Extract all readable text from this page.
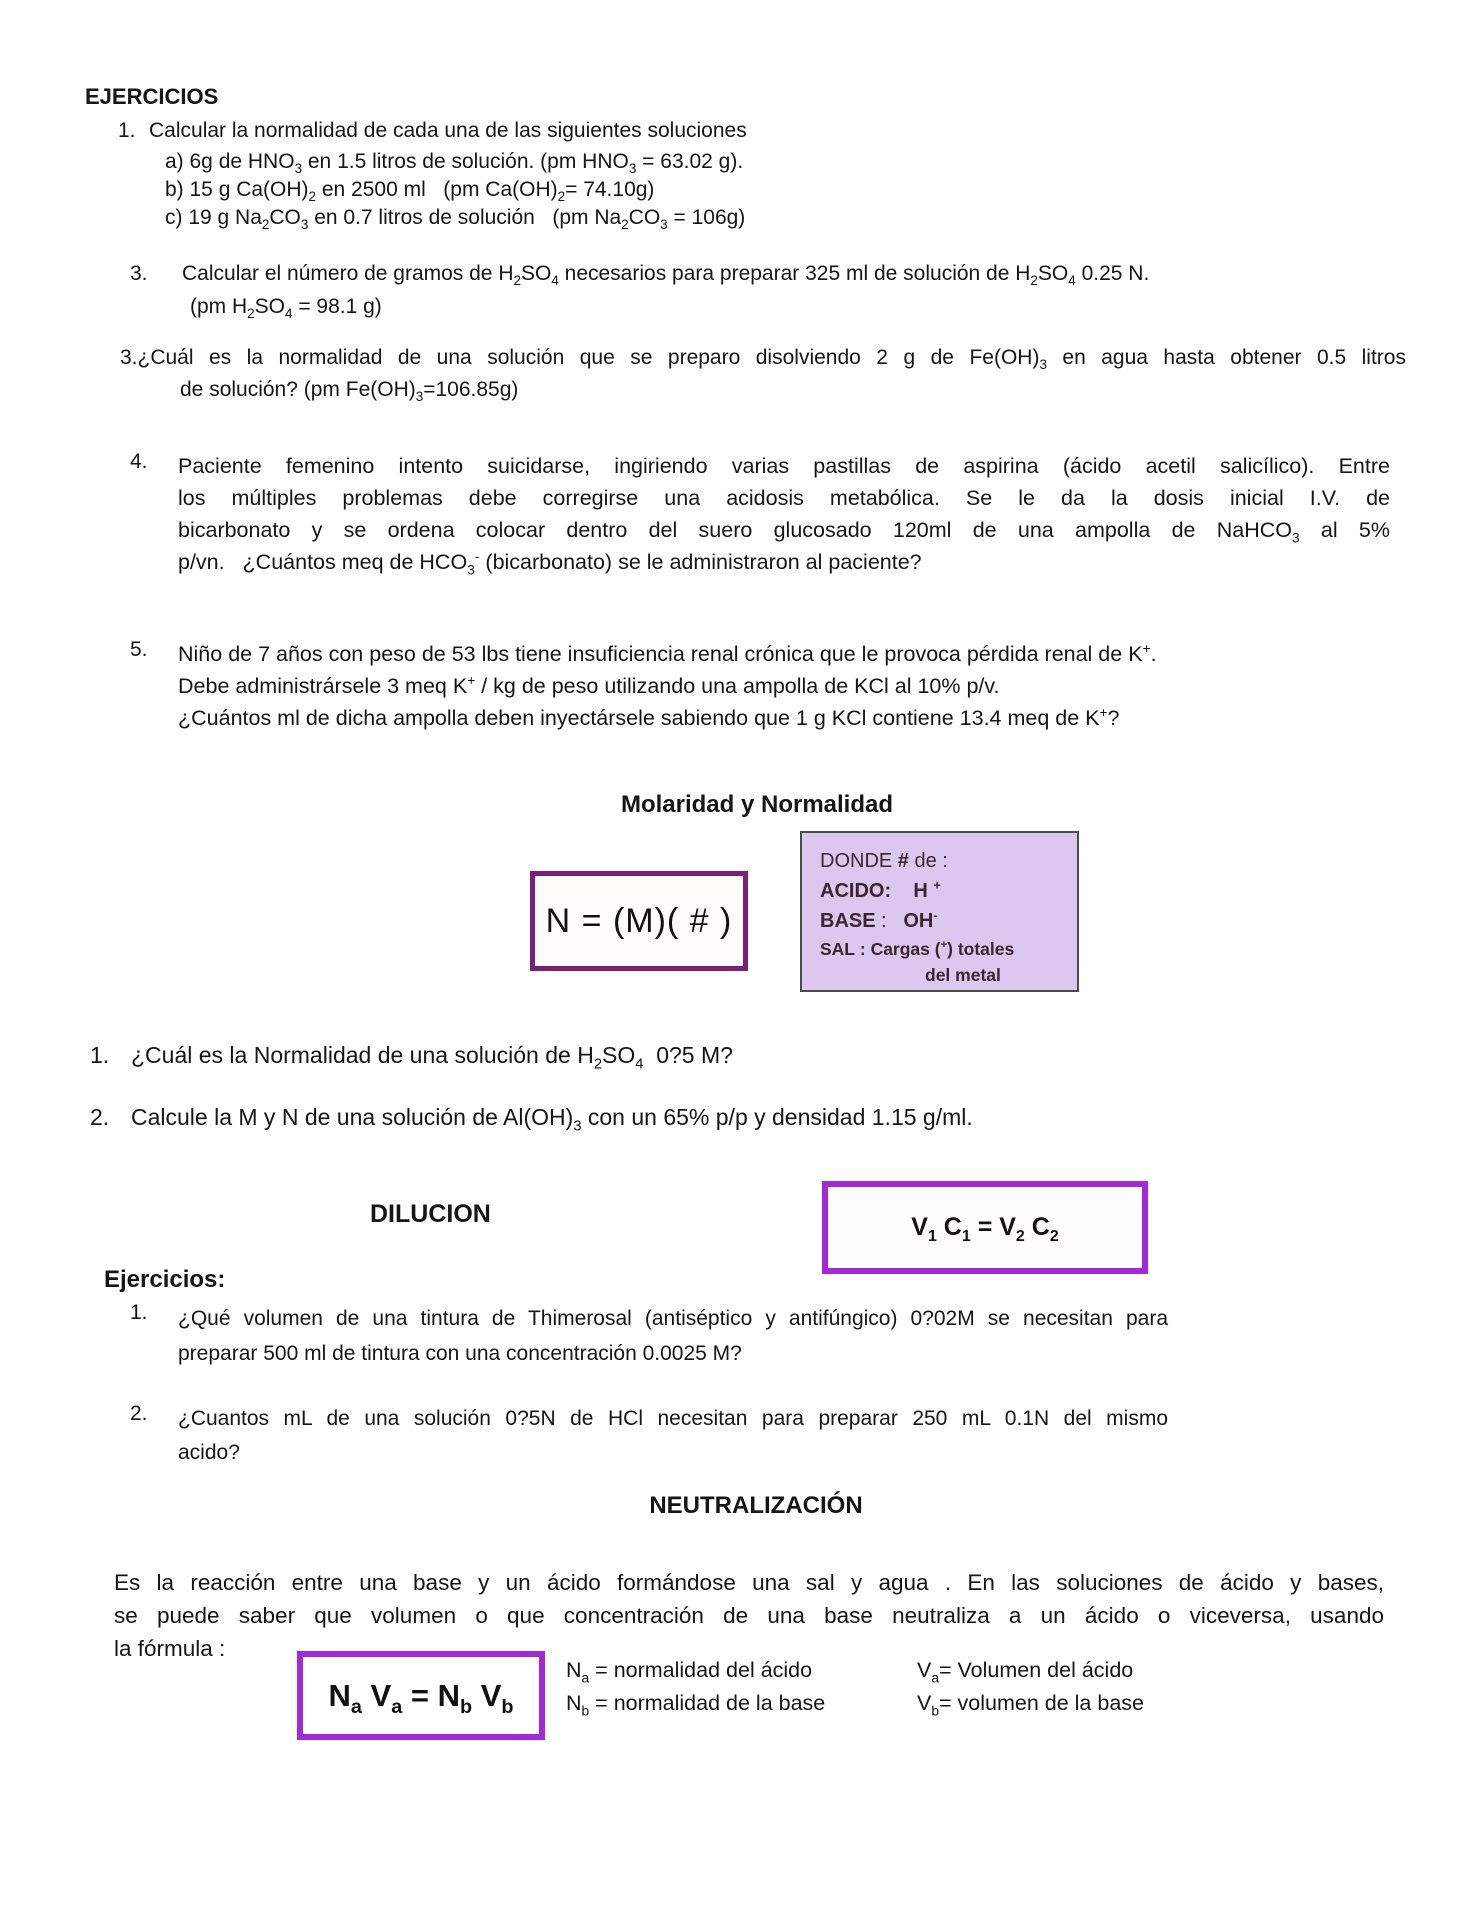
EJERCICIOS
1. Calcular la normalidad de cada una de las siguientes soluciones
a) 6g de $HNO_3$ en 1.5 litros de solución. (pm $HNO_3 = 63.02$ g).
b) 15 g $Ca(OH)_2$ en 2500 ml   (pm $Ca(OH)_2= 74.10g$)
c) 19 g $Na_2CO_3$ en 0.7 litros de solución   (pm $Na_2CO_3 = 106g$)
3. Calcular el número de gramos de $H_2SO_4$ necesarios para preparar 325 ml de solución de $H_2SO_4$ 0.25 N.
(pm $H_2SO_4 = 98.1$ g)
3.¿Cuál es la normalidad de una solución que se preparo disolviendo 2 g de $Fe(OH)_3$ en agua hasta obtener 0.5 litros
de solución? (pm $Fe(OH)_3=106.85g$)
4. Paciente femenino intento suicidarse, ingiriendo varias pastillas de aspirina (ácido acetil salicílico). Entre
los múltiples problemas debe corregirse una acidosis metabólica. Se le da la dosis inicial I.V. de
bicarbonato y se ordena colocar dentro del suero glucosado 120ml de una ampolla de NaHCO$_3$ al 5%
p/vn.   ¿Cuántos meq de $HCO_3^-$ (bicarbonato) se le administraron al paciente?
5. Niño de 7 años con peso de 53 lbs tiene insuficiencia renal crónica que le provoca pérdida renal de K+.
Debe administrársele 3 meq K+ / kg de peso utilizando una ampolla de KCl al 10% p/v.
¿Cuántos ml de dicha ampolla deben inyectársele sabiendo que 1 g KCl contiene 13.4 meq de K+?
Molaridad y Normalidad
N = (M)( # )
DONDE # de :
ACIDO:    H +
BASE :   OH-
SAL : Cargas (+) totales
del metal
1. ¿Cuál es la Normalidad de una solución de $H_2SO_4$  0?5 M?
2. Calcule la M y N de una solución de $Al(OH)_3$ con un 65% p/p y densidad 1.15 g/ml.
DILUCION	$V_1$ $C_1 = V_2$ $C_2$
Ejercicios:
1. ¿Qué volumen de una tintura de Thimerosal (antiséptico y antifúngico) 0?02M se necesitan para
preparar 500 ml de tintura con una concentración 0.0025 M?
2. ¿Cuantos mL de una solución 0?5N de HCl necesitan para preparar 250 mL 0.1N del mismo
acido?
NEUTRALIZACIÓN
Es la reacción entre una base y un ácido formándose una sal y agua . En las soluciones de ácido y bases,
se puede saber que volumen o que concentración de una base neutraliza a un ácido o viceversa, usando
la fórmula :
$N_a$ $V_a = N_b$ $V_b$
$N_a$ = normalidad del ácido	$V_a=$ Volumen del ácido
$N_b$ = normalidad de la base	$V_b=$ volumen de la base
